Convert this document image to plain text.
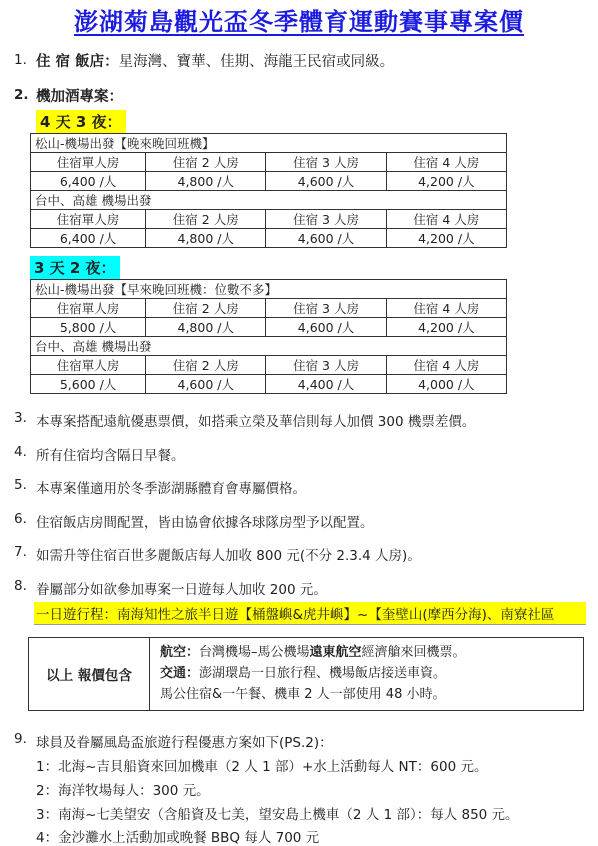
澎湖菊島觀光盃冬季體育運動賽事專案價
1. 住 宿 飯店：星海灣、寶華、佳期、海龍王民宿或同級。
2. 機加酒專案：
4 天 3 夜：
松山-機場出發【晚來晚回班機】			
住宿單人房	住宿 2 人房	住宿 3 人房	住宿 4 人房
6,400 /人	4,800 /人	4,600 /人	4,200 /人
台中、高雄 機場出發			
住宿單人房	住宿 2 人房	住宿 3 人房	住宿 4 人房
6,400 /人	4,800 /人	4,600 /人	4,200 /人
3 天 2 夜：
松山-機場出發【早來晚回班機：位數不多】			
住宿單人房	住宿 2 人房	住宿 3 人房	住宿 4 人房
5,800 /人	4,800 /人	4,600 /人	4,200 /人
台中、高雄 機場出發			
住宿單人房	住宿 2 人房	住宿 3 人房	住宿 4 人房
5,600 /人	4,600 /人	4,400 /人	4,000 /人
3. 本專案搭配遠航優惠票價，如搭乘立榮及華信則每人加價 300 機票差價。
4. 所有住宿均含隔日早餐。
5. 本專案僅適用於冬季澎湖縣體育會專屬價格。
6. 住宿飯店房間配置，皆由協會依據各球隊房型予以配置。
7. 如需升等住宿百世多麗飯店每人加收 800 元(不分 2.3.4 人房)。
8. 眷屬部分如欲參加專案一日遊每人加收 200 元。
一日遊行程：南海知性之旅半日遊【桶盤嶼&虎井嶼】~【奎壁山(摩西分海)、南寮社區
以上 報價包含
航空：台灣機場–馬公機場遠東航空經濟艙來回機票。
交通：澎湖環島一日旅行程、機場飯店接送車資。
馬公住宿&一午餐、機車 2 人一部使用 48 小時。
9. 球員及眷屬風島盃旅遊行程優惠方案如下(PS.2)：
1：北海~吉貝船資來回加機車（2 人 1 部）+水上活動每人 NT：600 元。
2：海洋牧場每人：300 元。
3：南海~七美望安（含船資及七美，望安島上機車（2 人 1 部）：每人 850 元。
4：金沙灘水上活動加或晚餐 BBQ 每人 700 元
